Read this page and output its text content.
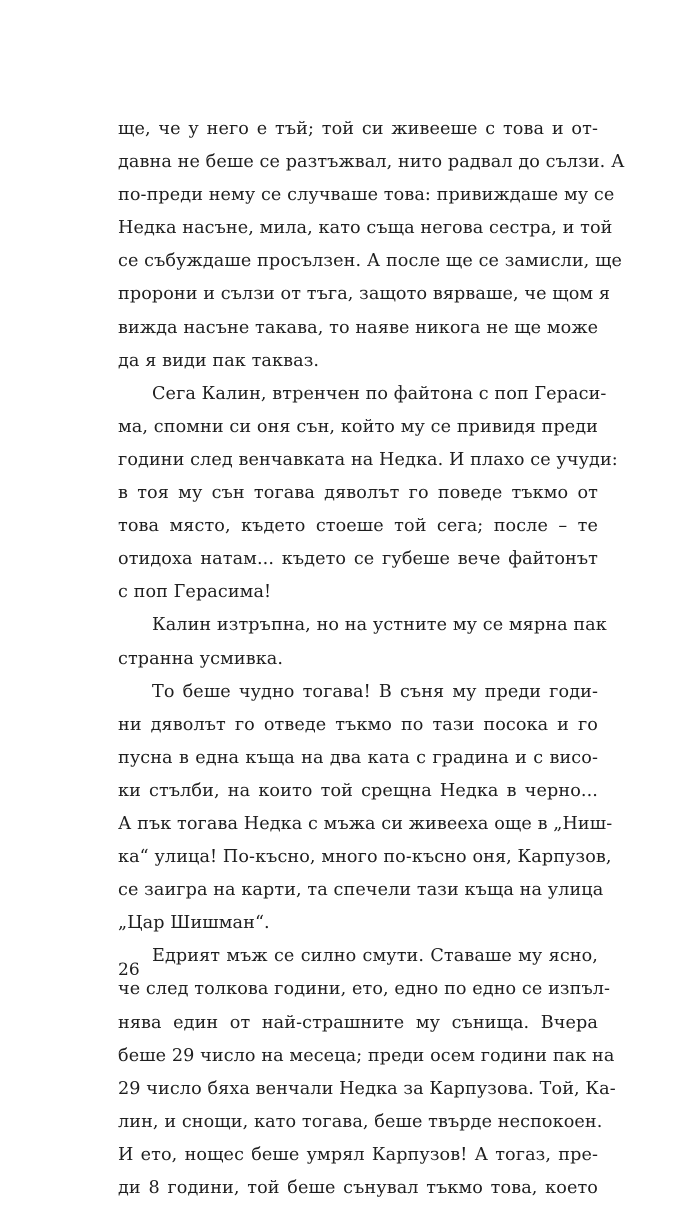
ще, че у него е тъй; той си живееше с това и от-
давна не беше се разтъжвал, нито радвал до сълзи. А
по-преди нему се случваше това: привиждаше му се
Недка насъне, мила, като съща негова сестра, и той
се събуждаше просълзен. А после ще се замисли, ще
пророни и сълзи от тъга, защото вярваше, че щом я
вижда насъне такава, то наяве никога не ще може
да я види пак такваз.
Сега Калин, втренчен по файтона с поп Гераси-
ма, спомни си оня сън, който му се привидя преди
години след венчавката на Недка. И плахо се учуди:
в тоя му сън тогава дяволът го поведе тъкмо от
това място, където стоеше той сега; после – те
отидоха натам... където се губеше вече файтонът
с поп Герасима!
Калин изтръпна, но на устните му се мярна пак
странна усмивка.
То беше чудно тогава! В съня му преди годи-
ни дяволът го отведе тъкмо по тази посока и го
пусна в една къща на два ката с градина и с висо-
ки стълби, на които той срещна Недка в черно...
А пък тогава Недка с мъжа си живееха още в „Ниш-
ка“ улица! По-късно, много по-късно оня, Карпузов,
се заигра на карти, та спечели тази къща на улица
„Цар Шишман“.
Едрият мъж се силно смути. Ставаше му ясно,
че след толкова години, ето, едно по едно се изпъл-
нява един от най-страшните му сънища. Вчера
беше 29 число на месеца; преди осем години пак на
29 число бяха венчали Недка за Карпузова. Той, Ка-
лин, и снощи, като тогава, беше твърде неспокоен.
И ето, нощес беше умрял Карпузов! А тогаз, пре-
ди 8 години, той беше сънувал тъкмо това, което
26
